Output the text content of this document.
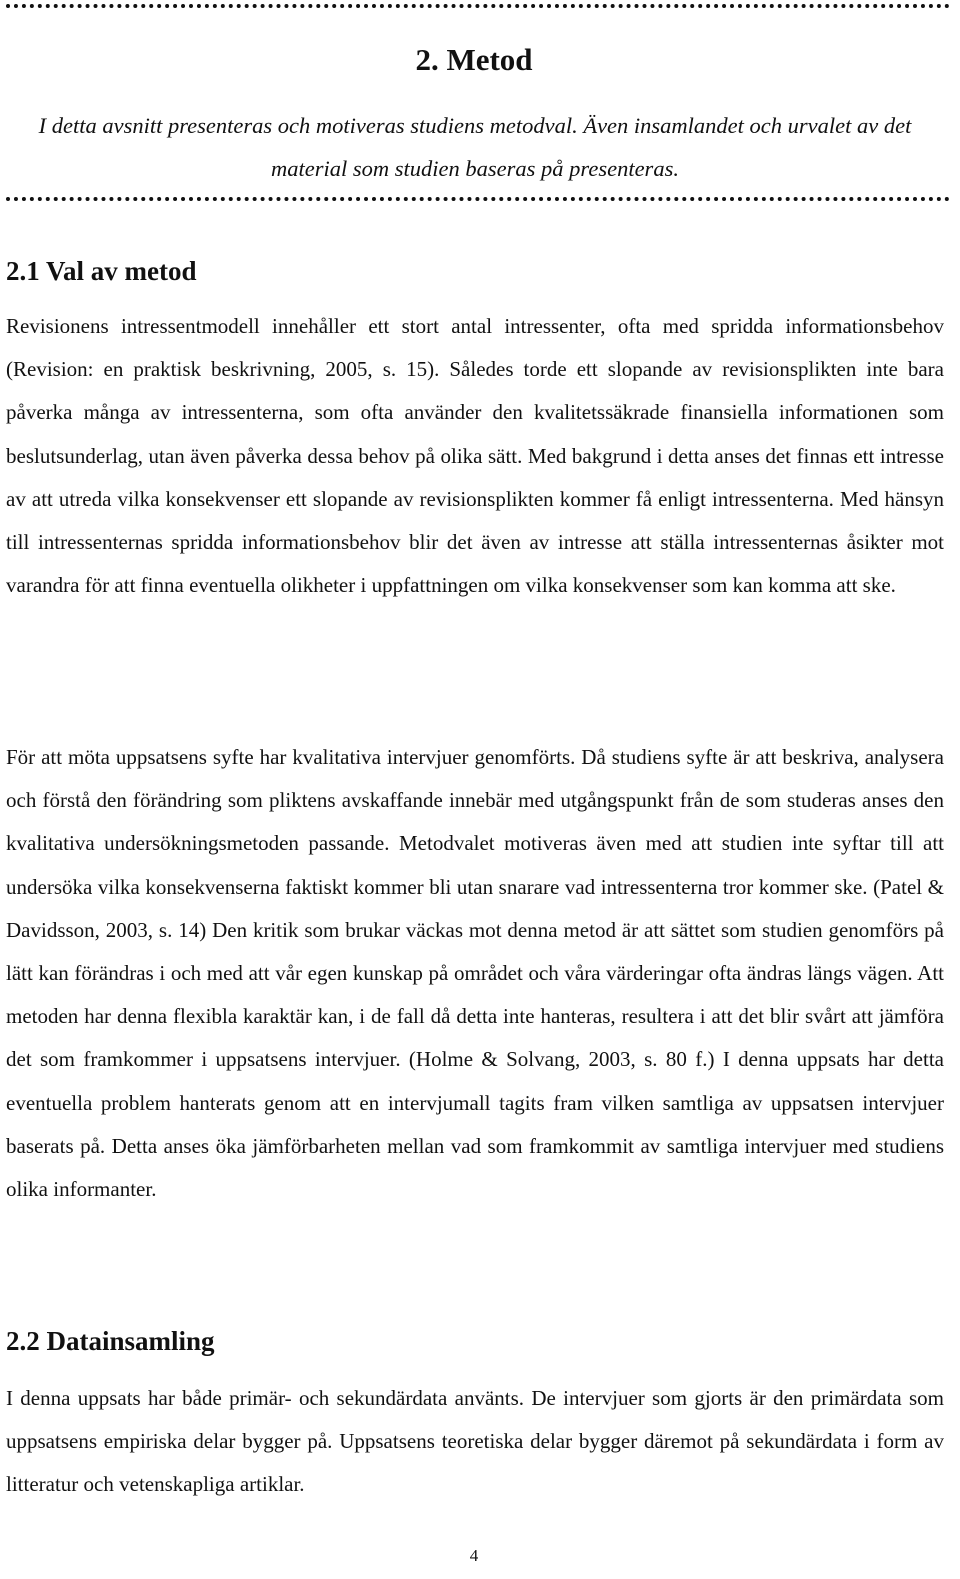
2. Metod

I detta avsnitt presenteras och motiveras studiens metodval. Även insamlandet och urvalet av det material som studien baseras på presenteras.

2.1 Val av metod

Revisionens intressentmodell innehåller ett stort antal intressenter, ofta med spridda informationsbehov (Revision: en praktisk beskrivning, 2005, s. 15). Således torde ett slopande av revisionsplikten inte bara påverka många av intressenterna, som ofta använder den kvalitetssäkrade finansiella informationen som beslutsunderlag, utan även påverka dessa behov på olika sätt. Med bakgrund i detta anses det finnas ett intresse av att utreda vilka konsekvenser ett slopande av revisionsplikten kommer få enligt intressenterna. Med hänsyn till intressenternas spridda informationsbehov blir det även av intresse att ställa intressenternas åsikter mot varandra för att finna eventuella olikheter i uppfattningen om vilka konsekvenser som kan komma att ske.

För att möta uppsatsens syfte har kvalitativa intervjuer genomförts. Då studiens syfte är att beskriva, analysera och förstå den förändring som pliktens avskaffande innebär med utgångspunkt från de som studeras anses den kvalitativa undersökningsmetoden passande. Metodvalet motiveras även med att studien inte syftar till att undersöka vilka konsekvenserna faktiskt kommer bli utan snarare vad intressenterna tror kommer ske. (Patel & Davidsson, 2003, s. 14) Den kritik som brukar väckas mot denna metod är att sättet som studien genomförs på lätt kan förändras i och med att vår egen kunskap på området och våra värderingar ofta ändras längs vägen. Att metoden har denna flexibla karaktär kan, i de fall då detta inte hanteras, resultera i att det blir svårt att jämföra det som framkommer i uppsatsens intervjuer. (Holme & Solvang, 2003, s. 80 f.) I denna uppsats har detta eventuella problem hanterats genom att en intervjumall tagits fram vilken samtliga av uppsatsen intervjuer baserats på. Detta anses öka jämförbarheten mellan vad som framkommit av samtliga intervjuer med studiens olika informanter.

2.2 Datainsamling

I denna uppsats har både primär- och sekundärdata använts. De intervjuer som gjorts är den primärdata som uppsatsens empiriska delar bygger på. Uppsatsens teoretiska delar bygger däremot på sekundärdata i form av litteratur och vetenskapliga artiklar.

4
